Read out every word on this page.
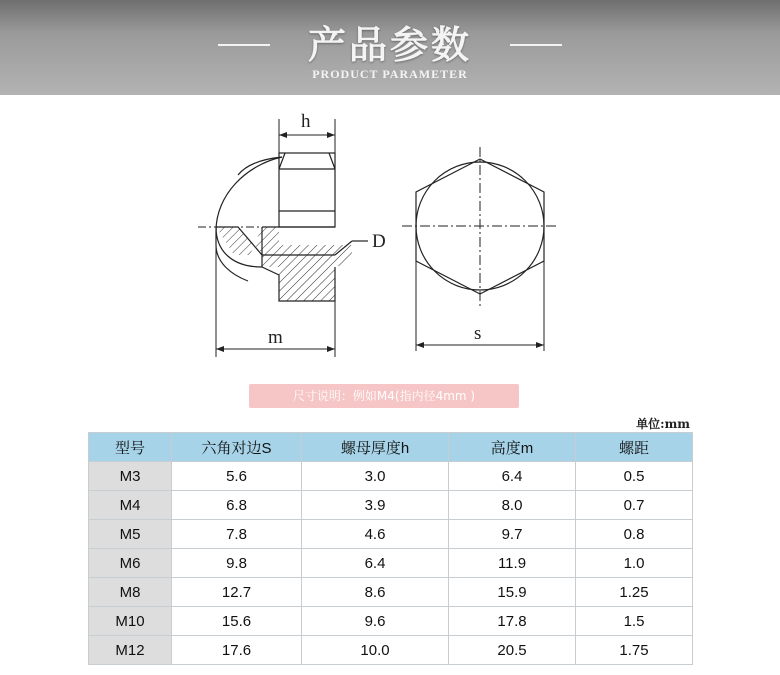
产品参数
PRODUCT PARAMETER
h
m
D
s
尺寸说明：例如M4(指内径4mm )
单位:mm
型号	六角对边S	螺母厚度h	高度m	螺距
M3	5.6	3.0	6.4	0.5
M4	6.8	3.9	8.0	0.7
M5	7.8	4.6	9.7	0.8
M6	9.8	6.4	11.9	1.0
M8	12.7	8.6	15.9	1.25
M10	15.6	9.6	17.8	1.5
M12	17.6	10.0	20.5	1.75
